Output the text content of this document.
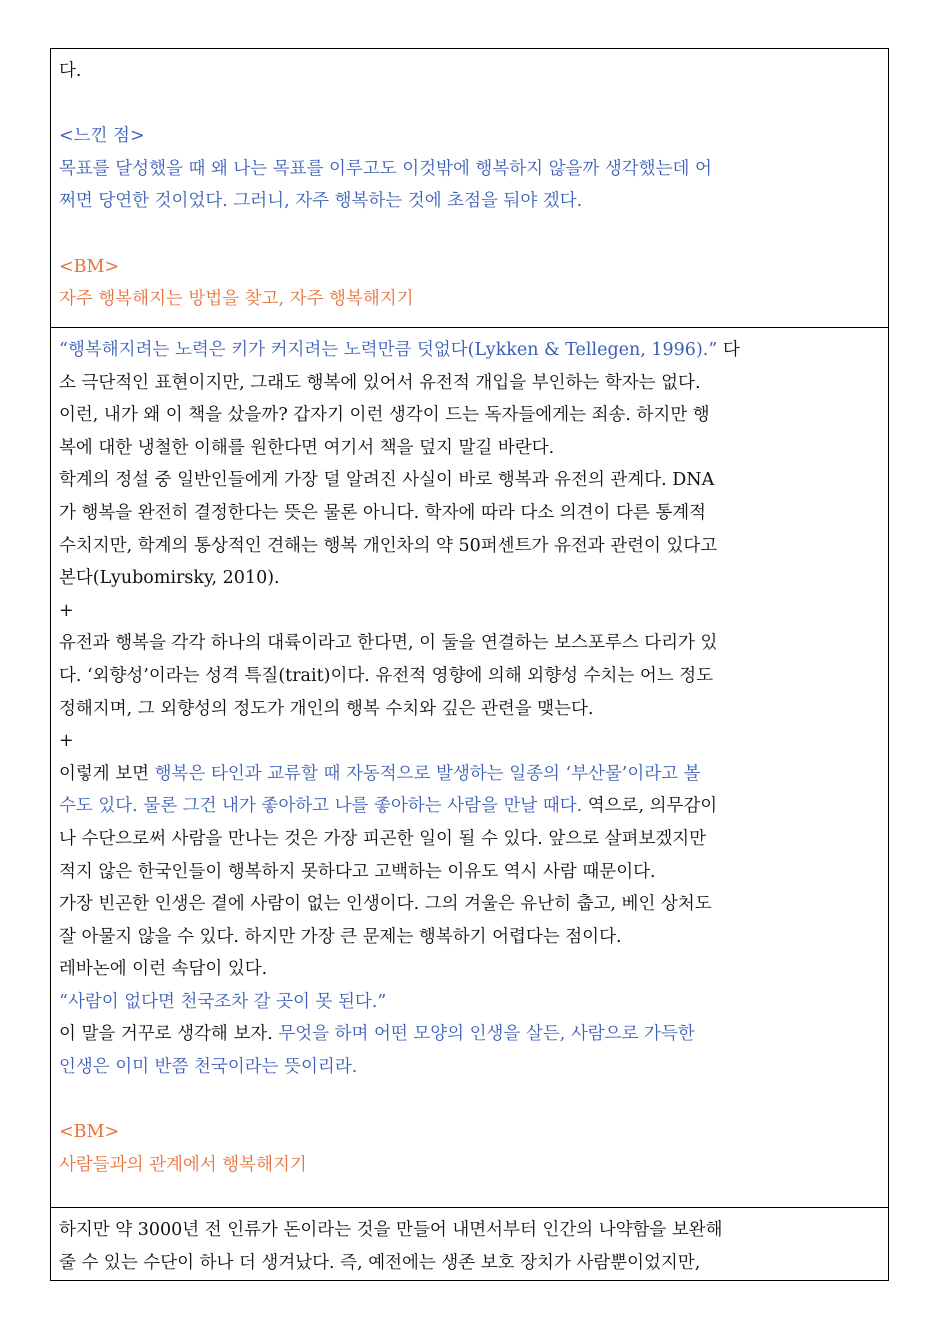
다.
<느낀 점>
목표를 달성했을 때 왜 나는 목표를 이루고도 이것밖에 행복하지 않을까 생각했는데 어
쩌면 당연한 것이었다. 그러니, 자주 행복하는 것에 초점을 둬야 겠다.
<BM>
자주 행복해지는 방법을 찾고, 자주 행복해지기

“행복해지려는 노력은 키가 커지려는 노력만큼 덧없다(Lykken & Tellegen, 1996).” 다
소 극단적인 표현이지만, 그래도 행복에 있어서 유전적 개입을 부인하는 학자는 없다.
이런, 내가 왜 이 책을 샀을까? 갑자기 이런 생각이 드는 독자들에게는 죄송. 하지만 행
복에 대한 냉철한 이해를 원한다면 여기서 책을 덮지 말길 바란다.
학계의 정설 중 일반인들에게 가장 덜 알려진 사실이 바로 행복과 유전의 관계다. DNA
가 행복을 완전히 결정한다는 뜻은 물론 아니다. 학자에 따라 다소 의견이 다른 통계적
수치지만, 학계의 통상적인 견해는 행복 개인차의 약 50퍼센트가 유전과 관련이 있다고
본다(Lyubomirsky, 2010).
+
유전과 행복을 각각 하나의 대륙이라고 한다면, 이 둘을 연결하는 보스포루스 다리가 있
다. ‘외향성’이라는 성격 특질(trait)이다. 유전적 영향에 의해 외향성 수치는 어느 정도
정해지며, 그 외향성의 정도가 개인의 행복 수치와 깊은 관련을 맺는다.
+
이렇게 보면 행복은 타인과 교류할 때 자동적으로 발생하는 일종의 ‘부산물’이라고 볼
수도 있다. 물론 그건 내가 좋아하고 나를 좋아하는 사람을 만날 때다. 역으로, 의무감이
나 수단으로써 사람을 만나는 것은 가장 피곤한 일이 될 수 있다. 앞으로 살펴보겠지만
적지 않은 한국인들이 행복하지 못하다고 고백하는 이유도 역시 사람 때문이다.
가장 빈곤한 인생은 곁에 사람이 없는 인생이다. 그의 겨울은 유난히 춥고, 베인 상처도
잘 아물지 않을 수 있다. 하지만 가장 큰 문제는 행복하기 어렵다는 점이다.
레바논에 이런 속담이 있다.
“사람이 없다면 천국조차 갈 곳이 못 된다.”
이 말을 거꾸로 생각해 보자. 무엇을 하며 어떤 모양의 인생을 살든, 사람으로 가득한
인생은 이미 반쯤 천국이라는 뜻이리라.
<BM>
사람들과의 관계에서 행복해지기

하지만 약 3000년 전 인류가 돈이라는 것을 만들어 내면서부터 인간의 나약함을 보완해
줄 수 있는 수단이 하나 더 생겨났다. 즉, 예전에는 생존 보호 장치가 사람뿐이었지만,
